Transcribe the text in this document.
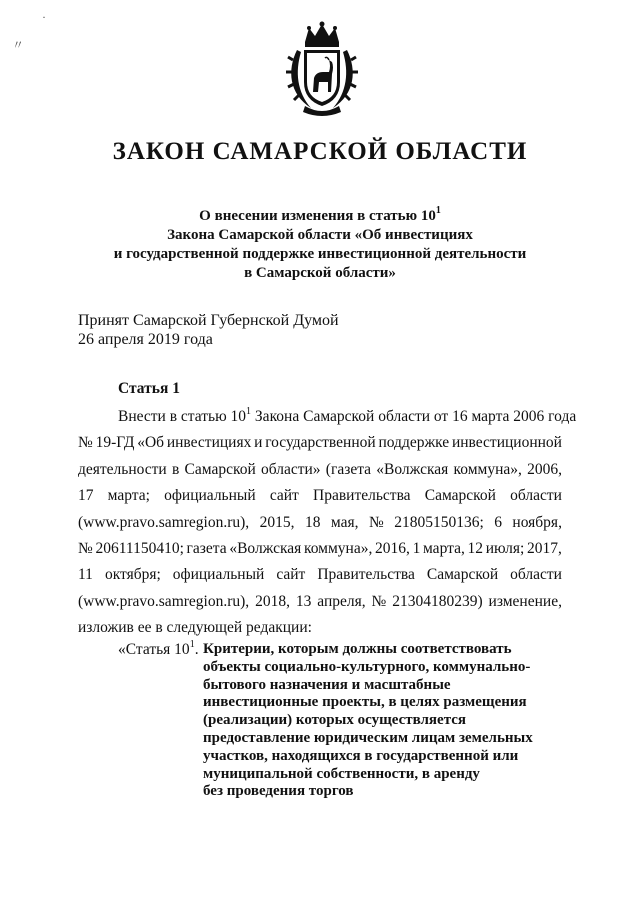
·
〃
ЗАКОН САМАРСКОЙ ОБЛАСТИ
О внесении изменения в статью $10^1$
Закона Самарской области «Об инвестициях
и государственной поддержке инвестиционной деятельности
в Самарской области»
Принят Самарской Губернской Думой
26 апреля 2019 года
Статья 1
Внести в статью $10^1$ Закона Самарской области от 16 марта 2006 года
№ 19-ГД «Об инвестициях и государственной поддержке инвестиционной
деятельности в Самарской области» (газета «Волжская коммуна», 2006,
17 марта; официальный сайт Правительства Самарской области
(www.pravo.samregion.ru), 2015, 18 мая, № 21805150136; 6 ноября,
№ 20611150410; газета «Волжская коммуна», 2016, 1 марта, 12 июля; 2017,
11 октября; официальный сайт Правительства Самарской области
(www.pravo.samregion.ru), 2018, 13 апреля, № 21304180239) изменение,
изложив ее в следующей редакции:
«Статья $10^1$. Критерии, которым должны соответствовать
объекты социально-культурного, коммунально-
бытового назначения и масштабные
инвестиционные проекты, в целях размещения
(реализации) которых осуществляется
предоставление юридическим лицам земельных
участков, находящихся в государственной или
муниципальной собственности, в аренду
без проведения торгов
